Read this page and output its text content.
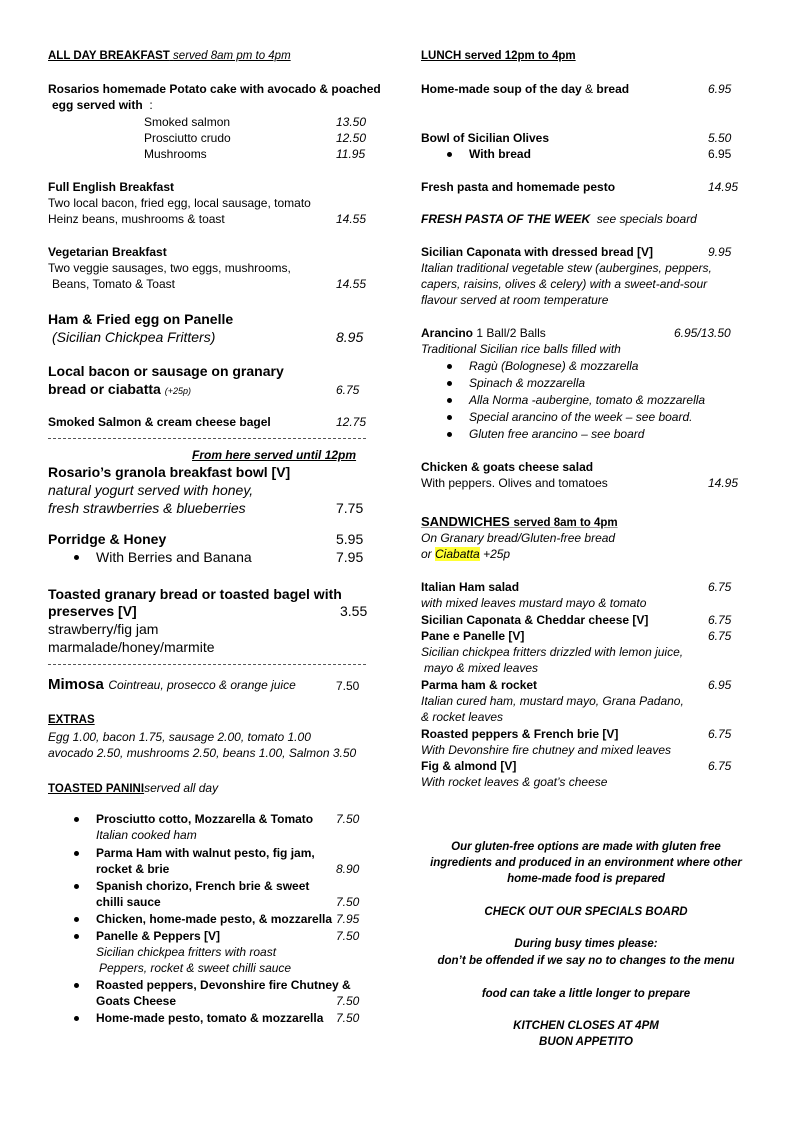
ALL DAY BREAKFAST served 8am pm to 4pm
Rosarios homemade Potato cake with avocado & poached
egg served with :
Smoked salmon	13.50
Prosciutto crudo	12.50
Mushrooms	11.95
Full English Breakfast
Two local bacon, fried egg, local sausage, tomato
Heinz beans, mushrooms & toast	14.55
Vegetarian Breakfast
Two veggie sausages, two eggs, mushrooms,
Beans, Tomato & Toast	14.55
Ham & Fried egg on Panelle
(Sicilian Chickpea Fritters)	8.95
Local bacon or sausage on granary
bread or ciabatta (+25p)	6.75
Smoked Salmon & cream cheese bagel	12.75
From here served until 12pm
Rosario’s granola breakfast bowl [V]
natural yogurt served with honey,
fresh strawberries & blueberries	7.75
Porridge & Honey	5.95
With Berries and Banana	7.95
Toasted granary bread or toasted bagel with
preserves [V]	3.55
strawberry/fig jam
marmalade/honey/marmite
Mimosa Cointreau, prosecco & orange juice	7.50
EXTRAS
Egg 1.00, bacon 1.75, sausage 2.00, tomato 1.00
avocado 2.50, mushrooms 2.50, beans 1.00, Salmon 3.50
TOASTED PANINIserved all day
Prosciutto cotto, Mozzarella & Tomato 7.50
Italian cooked ham
Parma Ham with walnut pesto, fig jam,
rocket & brie	8.90
Spanish chorizo, French brie & sweet
chilli sauce	7.50
Chicken, home-made pesto, & mozzarella 7.95
Panelle & Peppers [V]	7.50
Sicilian chickpea fritters with roast
Peppers, rocket & sweet chilli sauce
Roasted peppers, Devonshire fire Chutney &
Goats Cheese	7.50
Home-made pesto, tomato & mozzarella 7.50
LUNCH served 12pm to 4pm
Home-made soup of the day & bread	6.95
Bowl of Sicilian Olives	5.50
With bread	6.95
Fresh pasta and homemade pesto	14.95
FRESH PASTA OF THE WEEK see specials board
Sicilian Caponata with dressed bread [V]	9.95
Italian traditional vegetable stew (aubergines, peppers,
capers, raisins, olives & celery) with a sweet-and-sour
flavour served at room temperature
Arancino 1 Ball/2 Balls	6.95/13.50
Traditional Sicilian rice balls filled with
Ragù (Bolognese) & mozzarella
Spinach & mozzarella
Alla Norma -aubergine, tomato & mozzarella
Special arancino of the week – see board.
Gluten free arancino – see board
Chicken & goats cheese salad
With peppers. Olives and tomatoes	14.95
SANDWICHES served 8am to 4pm
On Granary bread/Gluten-free bread
or Ciabatta +25p
Italian Ham salad	6.75
with mixed leaves mustard mayo & tomato
Sicilian Caponata & Cheddar cheese [V]	6.75
Pane e Panelle [V]	6.75
Sicilian chickpea fritters drizzled with lemon juice,
mayo & mixed leaves
Parma ham & rocket	6.95
Italian cured ham, mustard mayo, Grana Padano,
& rocket leaves
Roasted peppers & French brie [V]	6.75
With Devonshire fire chutney and mixed leaves
Fig & almond [V]	6.75
With rocket leaves & goat’s cheese
Our gluten-free options are made with gluten free
ingredients and produced in an environment where other
home-made food is prepared
CHECK OUT OUR SPECIALS BOARD
During busy times please:
don’t be offended if we say no to changes to the menu
food can take a little longer to prepare
KITCHEN CLOSES AT 4PM
BUON APPETITO
